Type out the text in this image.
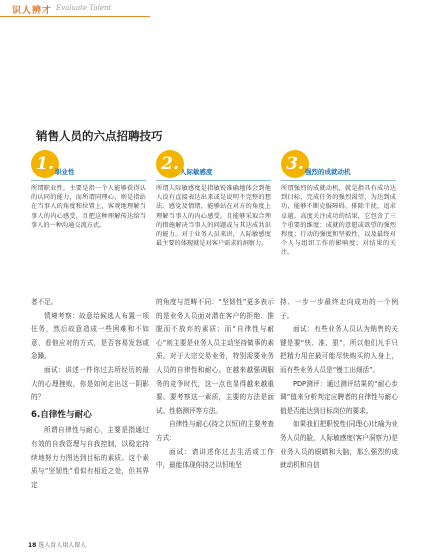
识人辨才 Evaluate Talent
销售人员的六点招聘技巧
1. 职业性
所谓职业性，主要是指一个人能够获得认的认同的能力，而所谓同理心，则是指站在当事人的角度和位置上，客观地理解当事人的内心感受，且把这种理解传达给当事人的一种沟通交流方式。
2. 人际敏感度
所谓人际敏感度是指敏锐准确地体会到他人没有直接表达出来或是说明不完整的想法、感觉及情绪，能够站在对方的角度上理解当事人的内心感受。且能够采取合理的措施解决当事人的问题或与其达成共识的能力。对于业务人员来讲，人际敏感度最主要的体现就是对客户需求的洞察力。
3. 强烈的成就动机
所谓强烈的成就动机，就是指具有成功达到目标、完成任务的强烈渴望，为达到成功，能够不断克服障碍，排除干扰，追求卓越。高度关注成功的结果，它包含了三个重要的维度：成就的意愿或欲望的强烈程度；行动的强度和坚毅性，以及最终对个人与组织工作的影响度；对结果的关注。

者不足。

情境考察：故意给候选人布置一项任务，然后故意造成一些困难和不如意，看他应对的方式，是否容易发怒或急躁。

面试：讲述一件你过去所经历的最大的心理挫败，你是如何走出这一阴影的？

6.自律性与耐心

所谓自律性与耐心，主要是指通过有效的自我管理与自我控制，以稳定持续地努力力图达到目标的素质。这个素质与“坚韧性”看似有相近之处，但其界定

的角度与范畴不同：“坚韧性”更多表示的是业务人员面对潜在客户的拒绝、推脱而不放弃的素质；而“自律性与耐心”则主要是业务人员主动坚持做事的素质。对于大宗交易业务，特别需要业务人员的自律性和耐心。在越来越强调服务的竞争时代，这一点也显得越来越重要。要考察这一素质，主要的方法是面试、性格测评等方法。

自律性与耐心(持之以恒)的主要考查方式：

面试：请讲述你过去生活或工作中，最能体现你持之以恒地坚

持、一步一步最终走向成功的一个例子。

面试：有些业务人员认为销售的关键是要“快、准、狠”，所以他们凡手只把精力用在最可能尽快购买的人身上，而有些业务人员是“慢工出细活”。

PDP测评：通过测评结果的“耐心步调”值来分析判定应聘者的自律性与耐心值是否能达到目标岗位的要求。

如果我们把职悦性(同理心)比喻为业务人员的脸，人际敏感度(客户洞察力)是业务人员的眼睛和大脑，那么强烈的成就动机和自信

18 选人育人用人留人
